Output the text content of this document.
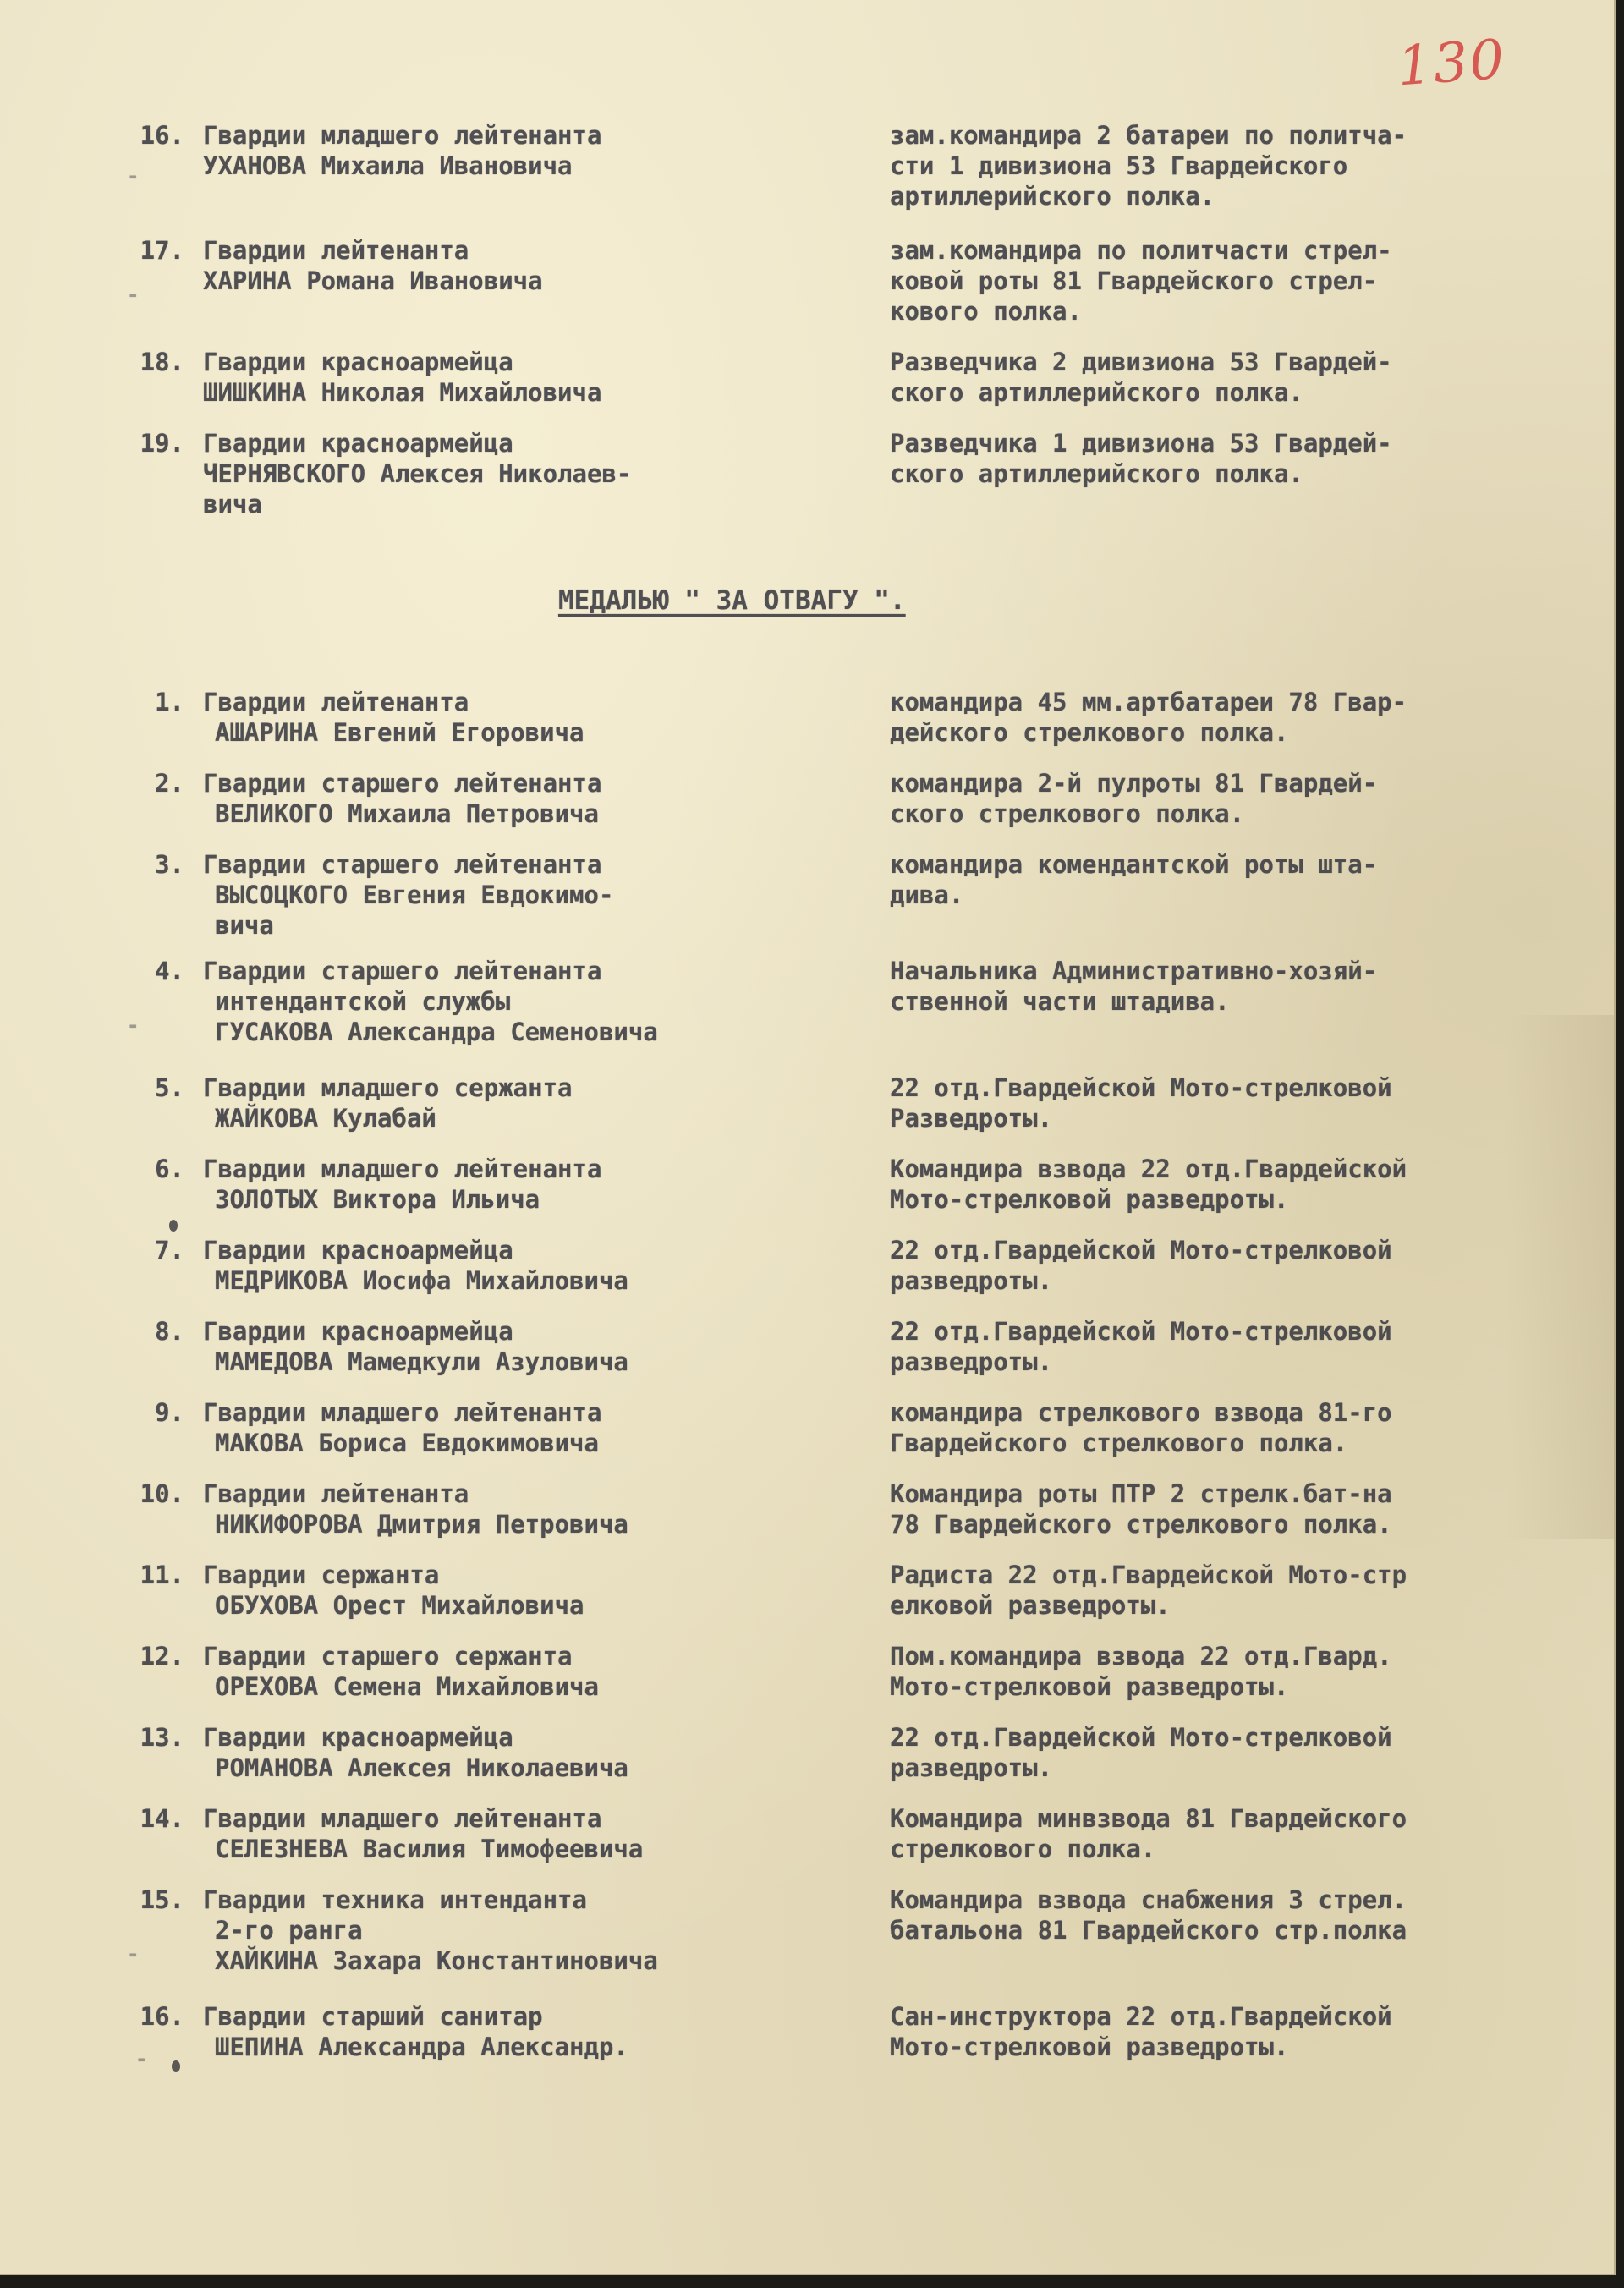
130
16. Гвардии младшего лейтенанта
УХАНОВА Михаила Ивановича
зам.командира 2 батареи по политча-
сти 1 дивизиона 53 Гвардейского
артиллерийского полка.
17. Гвардии лейтенанта
ХАРИНА Романа Ивановича
зам.командира по политчасти стрел-
ковой роты 81 Гвардейского стрел-
кового полка.
18. Гвардии красноармейца
ШИШКИНА Николая Михайловича
Разведчика 2 дивизиона 53 Гвардей-
ского артиллерийского полка.
19. Гвардии красноармейца
ЧЕРНЯВСКОГО Алексея Николаев-
вича
Разведчика 1 дивизиона 53 Гвардей-
ского артиллерийского полка.
МЕДАЛЬЮ " ЗА ОТВАГУ ".
1. Гвардии лейтенанта
АШАРИНА Евгений Егоровича
командира 45 мм.артбатареи 78 Гвар-
дейского стрелкового полка.
2. Гвардии старшего лейтенанта
ВЕЛИКОГО Михаила Петровича
командира 2-й пулроты 81 Гвардей-
ского стрелкового полка.
3. Гвардии старшего лейтенанта
ВЫСОЦКОГО Евгения Евдокимо-
вича
командира комендантской роты шта-
дива.
4. Гвардии старшего лейтенанта
интендантской службы
ГУСАКОВА Александра Семеновича
Начальника Административно-хозяй-
ственной части штадива.
5. Гвардии младшего сержанта
ЖАЙКОВА Кулабай
22 отд.Гвардейской Мото-стрелковой
Разведроты.
6. Гвардии младшего лейтенанта
ЗОЛОТЫХ Виктора Ильича
Командира взвода 22 отд.Гвардейской
Мото-стрелковой разведроты.
7. Гвардии красноармейца
МЕДРИКОВА Иосифа Михайловича
22 отд.Гвардейской Мото-стрелковой
разведроты.
8. Гвардии красноармейца
МАМЕДОВА Мамедкули Азуловича
22 отд.Гвардейской Мото-стрелковой
разведроты.
9. Гвардии младшего лейтенанта
МАКОВА Бориса Евдокимовича
командира стрелкового взвода 81-го
Гвардейского стрелкового полка.
10. Гвардии лейтенанта
НИКИФОРОВА Дмитрия Петровича
Командира роты ПТР 2 стрелк.бат-на
78 Гвардейского стрелкового полка.
11. Гвардии сержанта
ОБУХОВА Орест Михайловича
Радиста 22 отд.Гвардейской Мото-стр
елковой разведроты.
12. Гвардии старшего сержанта
ОРЕХОВА Семена Михайловича
Пом.командира взвода 22 отд.Гвард.
Мото-стрелковой разведроты.
13. Гвардии красноармейца
РОМАНОВА Алексея Николаевича
22 отд.Гвардейской Мото-стрелковой
разведроты.
14. Гвардии младшего лейтенанта
СЕЛЕЗНЕВА Василия Тимофеевича
Командира минвзвода 81 Гвардейского
стрелкового полка.
15. Гвардии техника интенданта
2-го ранга
ХАЙКИНА Захара Константиновича
Командира взвода снабжения 3 стрел.
батальона 81 Гвардейского стр.полка
16. Гвардии старший санитар
ШЕПИНА Александра Александр.
Сан-инструктора 22 отд.Гвардейской
Мото-стрелковой разведроты.
-
-
-
-
-
